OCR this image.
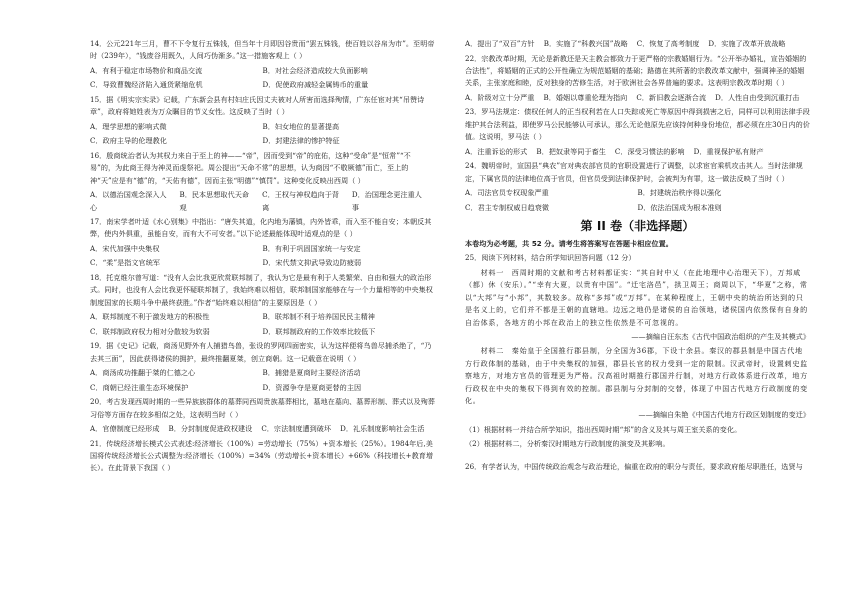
14．公元221年三月，曹不下令复行五铢钱，但当年十月即因谷贵而“罢五铢钱，使百姓以谷帛为市”。至明帝时（239年），“钱废谷用既久，人间巧伪渐多。”这一措施客观上（ ）

A．有利于稳定市场物价和商品交流	B．对社会经济造成较大负面影响
C．导致曹魏经济陷入通货紧缩危机	D．促使政府减轻金属铸币的重量

15．据《明实宗实录》记载，广东新会县有村妇庄氏因丈夫被对人所害而选择殉情，广东任宦对其“吊赞诗章”，政府将她姓表为万众瞩目的节义女性。这反映了当时（ ）

A．理学思想的影响式微	B．妇女地位的显著提高
C．政府主导的伦理教化	D．封建法律的惨护特征

16．殷商统治者认为其权力来自于至上的神——“帝”，因而受到“帝”的庇佑，这种“受命”是“恒常”“不易”的，为此商王得为神灵而虔祭祀。周公提出“天命不常”的思想，认为商因“不敬厥德”而亡，至上的神“天”应是有“德”的，“天佑有德”，因而主张“明德”“慎罚”。这种变化反映出西周（ ）

A．以德治国观念深入人心
B．民本思想取代天命观
C．王权与神权趋向于背离
D．治国理念更注重人事

17．南宋学者叶适《水心别集》中指出：“唐失其道，化内地为藩镇，内外皆乖，而入至不能自安；本朝反其弊，使内外俱重，虽能自安，而有大不可安者。”以下论述最能体现叶适观点的是（ ）

A．宋代加强中央集权	B．有利于巩固国家统一与安定
C．“柔”是指文官统军	D．宋代禁文抑武导致边防疲弱

18．托克维尔曾写道：“没有人会比我更欣赏联邦制了，我认为它是最有利于人类繁荣、自由和强大的政治形式。同时，也没有人会比我更怀疑联邦制了，我始终难以相信，联邦制国家能够在与一个力量相等的中央集权制度国家的长期斗争中最终获胜。”作者“始终难以相信”的主要原因是（ ）

A．联邦制度不利于激发地方的积极性	B．联邦制不利于培养国民民主精神
C．联邦制政府权力相对分散较为软弱	D．联邦制政府的工作效率比较低下

19．据《史记》记载，商汤见野外有人捕猎鸟兽，张设的罗网四面密实，认为这样便将鸟兽尽捕杀绝了，“乃去其三面”，因此获得诸侯的拥护，最终推翻夏桀，创立商朝。这一记载意在说明（ ）

A．商汤成功推翻于桀的仁德之心	B．捕猎是夏商时主要经济活动
C．商朝已经注重生态环境保护	D．资源争夺是夏商更替的主因

20．考古发现西周时期的一些异族族群体的墓葬同西周贵族墓葬相比，墓地在墓向、墓葬形制、葬式以及殉葬习俗等方面存在较多相似之处，这表明当时（ ）

A．官僚制度已经形成 B．分封制度促进政权建设 C．宗法制度遭到破坏 D．礼乐制度影响社会生活

21．传统经济增长模式公式表述:经济增长（100%）=劳动增长（75%）+资本增长（25%）。1984年后,美国将传统经济增长公式调整为:经济增长（100%）=34%（劳动增长+资本增长）+66%（科技增长+教育增长）。在此背景下我国（ ）

A．提出了“双百”方针 B．实施了“科教兴国”战略 C．恢复了高考制度 D．实施了改革开放战略

22．宗教改革时期，无论是新教还是天主教会都致力于更严格的宗教婚姻行为。“公开举办婚礼，宣告婚姻的合法性”，将婚姻的正式的公开性确立为规范婚姻的基础；路德在其所著的宗教改革文献中，强调神圣的婚姻关系，主张家庭和睦，反对独身的苦修生活，对于欧洲社会各界普遍的要求。这表明宗教改革时期（ ）

A．阶级对立十分严重 B．婚姻以尊重伦理为指向 C．新旧教会逐渐合流 D．人性自由受到沉重打击

23．罗马法规定：债权任何人的正当权利若在人口失踪或死亡等原因中得到损害之后，同样可以利用法律手段维护其合法利益，即使罗马公民能够认可承认，那么无论他原先应该持何种身份地位，都必须在庄30日内的价值。这说明，罗马法（ ）

A．注重诉讼的形式 B．把奴隶等同于畜生 C．深受习惯法的影响 D．重视保护私有财产

24．魏明帝时，宣国县“典农”官对典农部官员的官职设置进行了调整，以求宦官乘机攻击其人。当时法律规定，下属官员的法律地位高于官员，但官员受到法律保护时，会被判为有罪，这一做法反映了当时（ ）

A．司法官员专权现象严重	B．封建统治秩序得以强化
C．君主专制权威日趋衰微	D．依法治国成为根本准则
第 II 卷（非选择题）

本卷均为必考题，共 52 分。请考生将答案写在答题卡相应位置。

25．阅读下列材料，结合所学知识回答问题（12 分）

材料一　西周时期的文献和考古材料都证实：“其自时中乂（在此地理中心治理天下），万邦咸（都）休（安乐）。”“幸有大夏，以贵有中国”。“迁宅洛邑”，拱卫周王；商周以下，“华夏”之称，常以“大邦”与“小邦”，其数较多。故称“多邦”或“万邦”。在某种程度上，王朝中央的统治所达到的只是名义上的，它们并不都是王朝的直辖地。边远之地仍是诸侯的自治领地，诸侯国内依然保有自身的自治体系，各地方的小邦在政治上的独立性依然是不可忽视的。

——摘编自汪东杰《古代中国政治组织的产生及其模式》

材料二　秦始皇于全国推行郡县制，分全国为36郡，下设十余县。秦汉的郡县制是中国古代地方行政体制的基础，由于中央集权的加强，郡县长官的权力受到一定的限制。汉武帝时，设置刺史监察地方，对地方官员的管理更为严格。汉高祖时期推行郡国并行制，对地方行政体系进行改革，地方行政权在中央的集权下得到有效的控制。郡县制与分封制的交替，体现了中国古代地方行政制度的变化。

——摘编自朱艳《中国古代地方行政区划制度的变迁》

（1）根据材料一并结合所学知识，指出西周时期“邦”的含义及其与周王室关系的变化。

（2）根据材料二，分析秦汉时期地方行政制度的演变及其影响。

26．有学者认为，中国传统政治观念与政治理论，偏重在政府的职分与责任，要求政府能尽职胜任，选贤与
